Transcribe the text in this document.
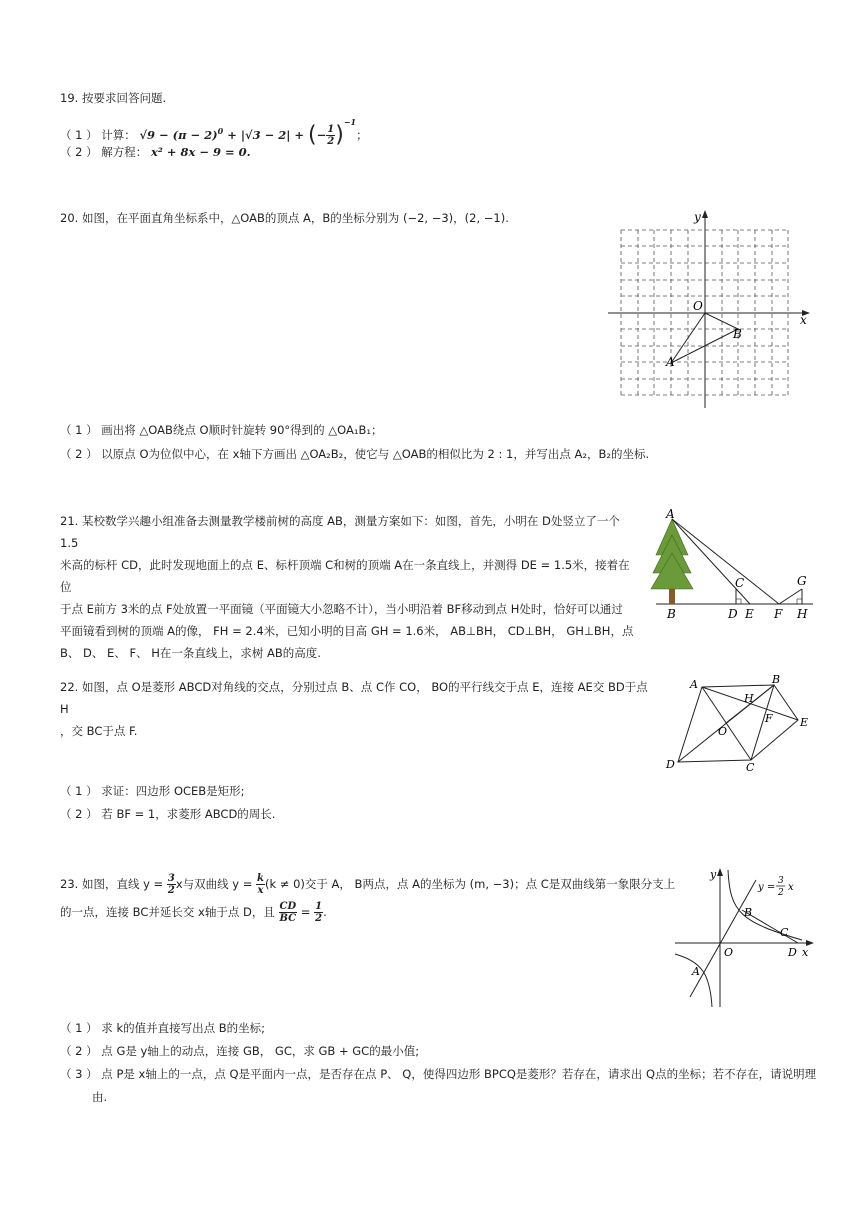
19. 按要求回答问题.
（ 1 ） 计算： $√9 - (\pi - 2)^0 + |√3 - 2|$ + (− $\frac{1}{2} )^{-1}$；
（ 2 ） 解方程： x² + 8x − 9 = 0.
20. 如图，在平面直角坐标系中，△OAB的顶点 A，B的坐标分别为 (−2, −3)，(2, −1).	y
x
O
A
B
（ 1 ） 画出将 △OAB绕点 O顺时针旋转 90°得到的 △OA₁B₁；
（ 2 ） 以原点 O为位似中心，在 x轴下方画出 △OA₂B₂，使它与 △OAB的相似比为 2 : 1，并写出点 A₂，B₂的坐标.
21. 某校数学兴趣小组准备去测量教学楼前树的高度 AB，测量方案如下：如图，首先，小明在 D处竖立了一个 1.5
米高的标杆 CD，此时发现地面上的点 E、标杆顶端 C和树的顶端 A在一条直线上，并测得 DE = 1.5米，接着在位
于点 E前方 3米的点 F处放置一平面镜（平面镜大小忽略不计），当小明沿着 BF移动到点 H处时，恰好可以通过
平面镜看到树的顶端 A的像， FH = 2.4米，已知小明的目高 GH = 1.6米， AB⊥BH， CD⊥BH， GH⊥BH，点
B、 D、 E、 F、 H在一条直线上，求树 AB的高度.
A
B
C
D E F
G
H
22. 如图，点 O是菱形 ABCD对角线的交点，分别过点 B、点 C作 CO， BO的平行线交于点 E，连接 AE交 BD于点 H
，交 BC于点 F.
A	B
C
D
E
F
H
O
（ 1 ） 求证：四边形 OCEB是矩形;
（ 2 ） 若 BF = 1，求菱形 ABCD的周长.
23. 如图，直线 $y = \frac{3}{2}$ x与双曲线 $y = \frac{k}{x} (k \ne 0)$交于 A， B两点，点 A的坐标为 (m, −3)；点 C是双曲线第一象限分支上
的一点，连接 BC并延长交 x轴于点 D，且 $\frac{CD}{BC} = \frac{1}{2}$ .
y
x
O
A
B
C
D
y =
3
2 x
（ 1 ） 求 k的值并直接写出点 B的坐标;
（ 2 ） 点 G是 y轴上的动点，连接 GB， GC，求 GB + GC的最小值;
（ 3 ） 点 P是 x轴上的一点，点 Q是平面内一点，是否存在点 P、 Q，使得四边形 BPCQ是菱形？若存在，请求出 Q点的坐标；若不存在，请说明理
由.
